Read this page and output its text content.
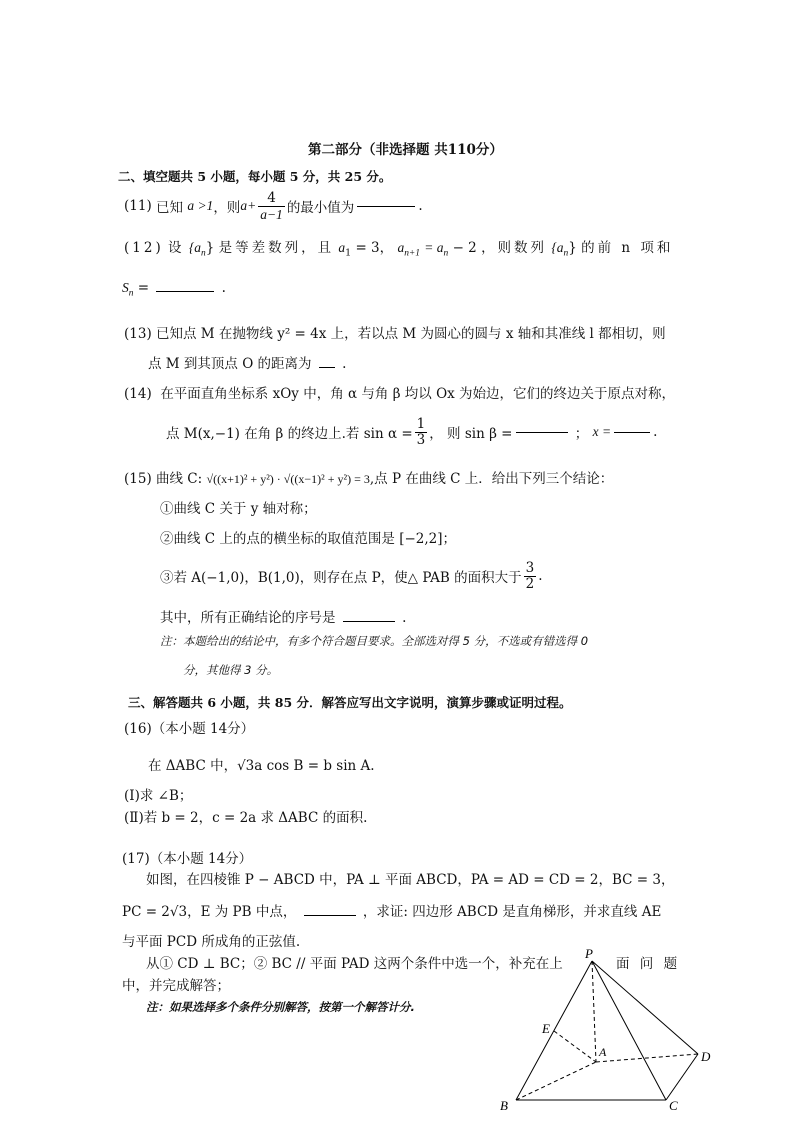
第二部分（非选择题 共110分）
二、填空题共 5 小题，每小题 5 分，共 25 分。
(11)
已知
a >1 ，则 $a+ \frac{4}{a-1}$ 的最小值为	.
(12) 设 $\{a_n\}$ 是等差数列，且 $a_1 = 3$， $a_{n+1} = a_n - 2$ ，则数列 $\{a_n\}$ 的前 n 项和
$S_n$ =	.
(13) 已知点 M 在抛物线 y² = 4x 上，若以点 M 为圆心的圆与 x 轴和其准线 l 都相切，则
点 M 到其顶点 O 的距离为 .
(14) 在平面直角坐标系 xOy 中，角 α 与角 β 均以 Ox 为始边，它们的终边关于原点对称，
点 M(x,−1) 在角 β 的终边上.若 $\sin \alpha = \frac{1}{3}$ ， 则 sin β =
	；
x =	.
(15) 曲线 C: √((x+1)² + y²) · √((x−1)² + y²) = 3,点 P 在曲线 C 上．给出下列三个结论：
①曲线 C 关于 y 轴对称；
②曲线 C 上的点的横坐标的取值范围是 [−2,2]；
③若 A(−1,0)，B(1,0)，则存在点 P，使△ PAB 的面积大于 $\frac{3}{2}$ .
其中，所有正确结论的序号是	.
注：本题给出的结论中，有多个符合题目要求。全部选对得 5 分，不选或有错选得 0
分，其他得 3 分。
三、解答题共 6 小题，共 85 分．解答应写出文字说明，演算步骤或证明过程。
(16)（本小题 14分）
在 ΔABC 中，√3a cos B = b sin A.
(Ⅰ)求 ∠B；
(Ⅱ)若 b = 2，c = 2a 求 ΔABC 的面积.
(17)（本小题 14分）
如图，在四棱锥 P − ABCD 中，PA ⊥ 平面 ABCD，PA = AD = CD = 2，BC = 3，
PC = 2√3，E 为 PB 中点，	，求证: 四边形 ABCD 是直角梯形，并求直线 AE
与平面 PCD 所成角的正弦值.
从① CD ⊥ BC；② BC // 平面 PAD 这两个条件中选一个，补充在上	面 问 题
中，并完成解答；
注：如果选择多个条件分别解答，按第一个解答计分.
P
E
A	D
B	C
